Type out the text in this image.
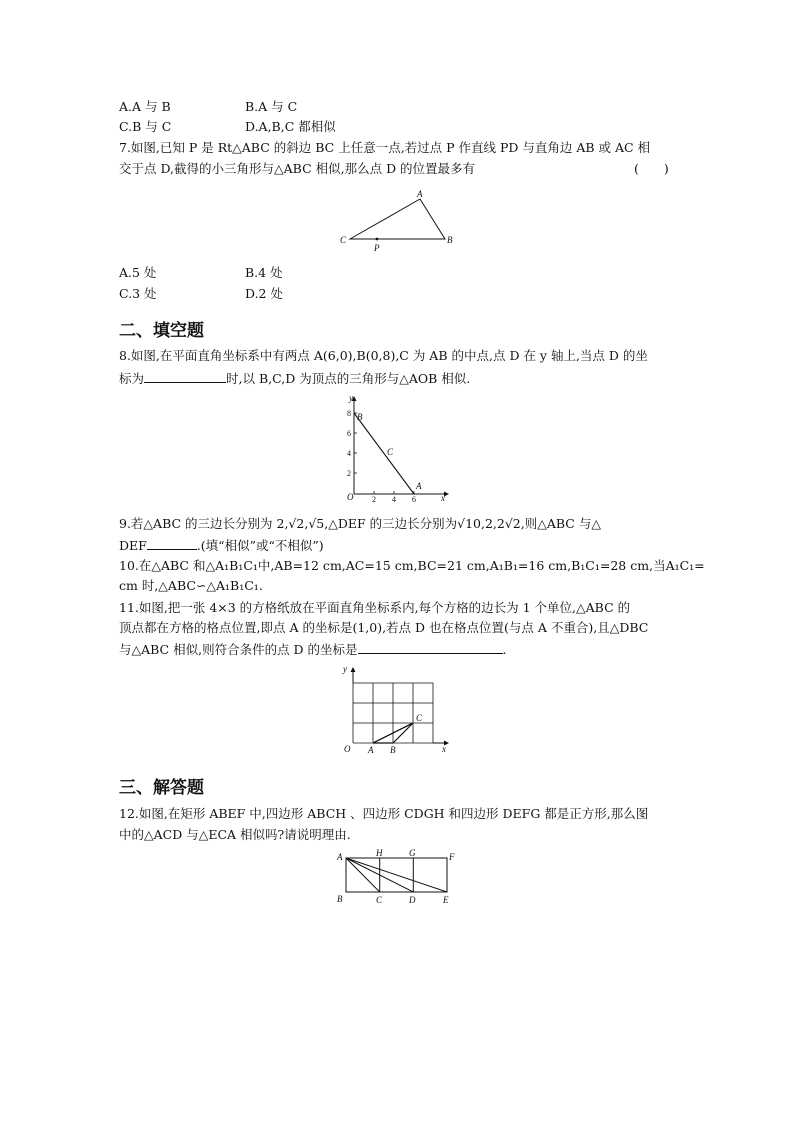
A.A 与 B	B.A 与 C
C.B 与 C	D.A,B,C 都相似
7.如图,已知 P 是 Rt△ABC 的斜边 BC 上任意一点,若过点 P 作直线 PD 与直角边 AB 或 AC 相
交于点 D,截得的小三角形与△ABC 相似,那么点 D 的位置最多有	(　　)
A
B
C
P
A.5 处	B.4 处
C.3 处	D.2 处
二、填空题
8.如图,在平面直角坐标系中有两点 A(6,0),B(0,8),C 为 AB 的中点,点 D 在 y 轴上,当点 D 的坐
标为	时,以 B,C,D 为顶点的三角形与△AOB 相似.
y
x
O
B
C
A
8
6
4
2
2 4 6
9.若△ABC 的三边长分别为 2,√2,√5,△DEF 的三边长分别为√10,2,2√2,则△ABC 与△
DEF	.(填“相似”或“不相似”)
10.在△ABC 和△A₁B₁C₁中,AB=12 cm,AC=15 cm,BC=21 cm,A₁B₁=16 cm,B₁C₁=28 cm,当A₁C₁=
cm 时,△ABC∽△A₁B₁C₁.
11.如图,把一张 4×3 的方格纸放在平面直角坐标系内,每个方格的边长为 1 个单位,△ABC 的
顶点都在方格的格点位置,即点 A 的坐标是(1,0),若点 D 也在格点位置(与点 A 不重合),且△DBC
与△ABC 相似,则符合条件的点 D 的坐标是	.
y
x
O A B
C
三、解答题
12.如图,在矩形 ABEF 中,四边形 ABCH 、四边形 CDGH 和四边形 DEFG 都是正方形,那么图
中的△ACD 与△ECA 相似吗?请说明理由.
A	H	G	F
B	C	D	E
